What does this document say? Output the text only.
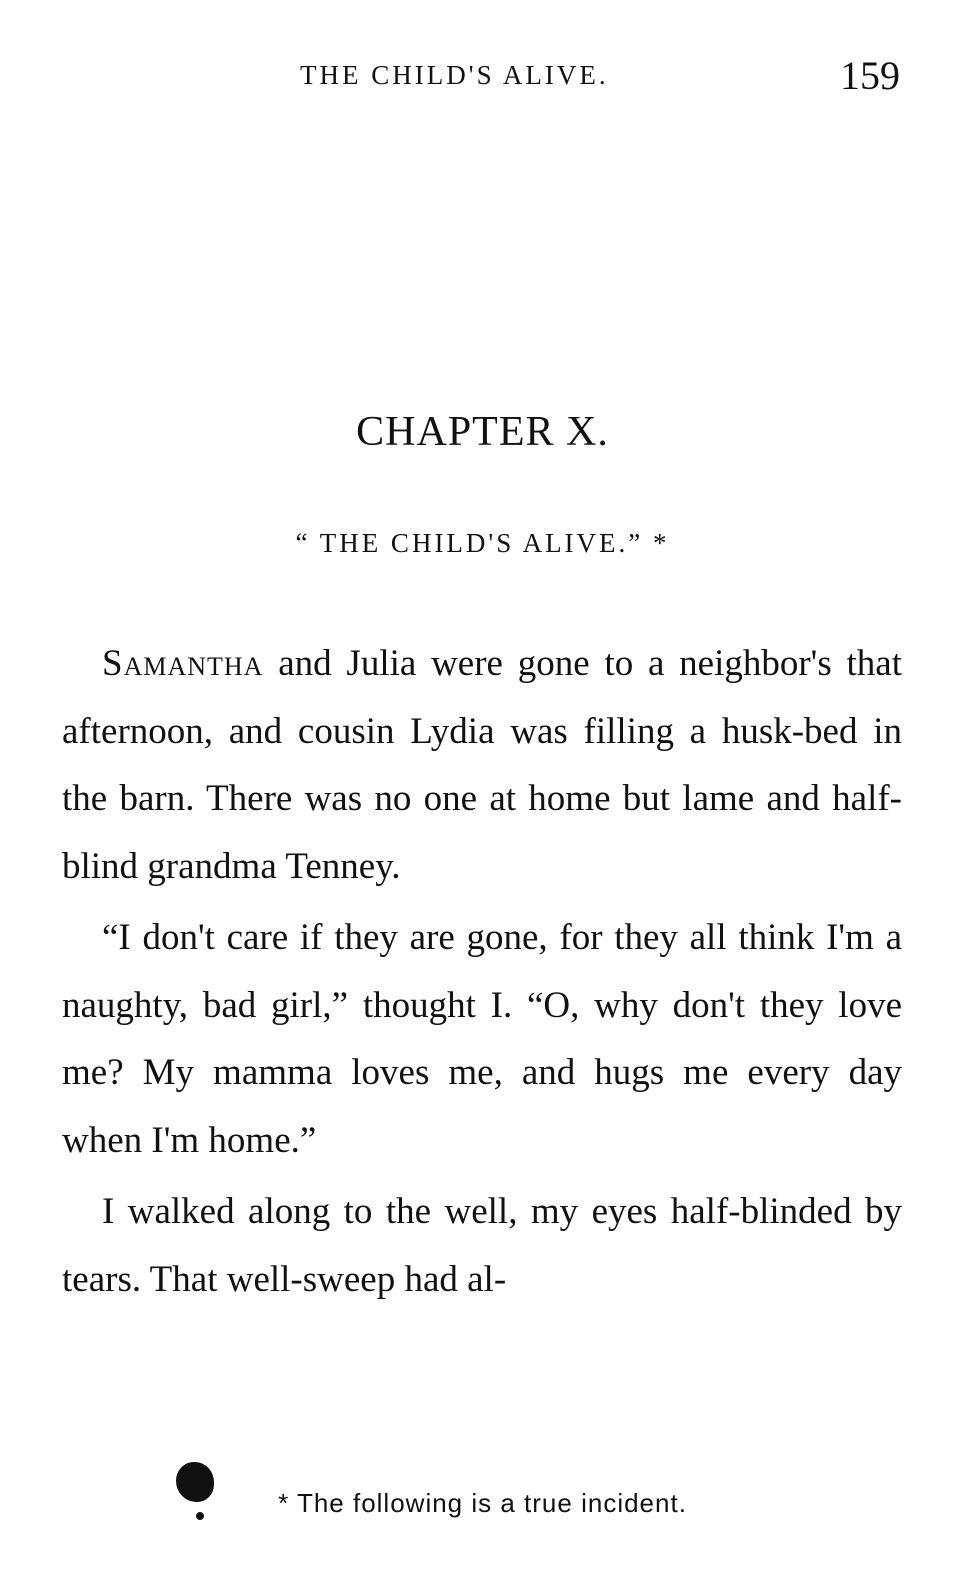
THE CHILD'S ALIVE.	159
CHAPTER X.
“ THE CHILD'S ALIVE.” *

Samantha and Julia were gone to a neighbor's that afternoon, and cousin Lydia was filling a husk-bed in the barn. There was no one at home but lame and half-blind grandma Tenney.

“I don't care if they are gone, for they all think I'm a naughty, bad girl,” thought I. “O, why don't they love me? My mamma loves me, and hugs me every day when I'm home.”

I walked along to the well, my eyes half-blinded by tears. That well-sweep had al-

* The following is a true incident.
